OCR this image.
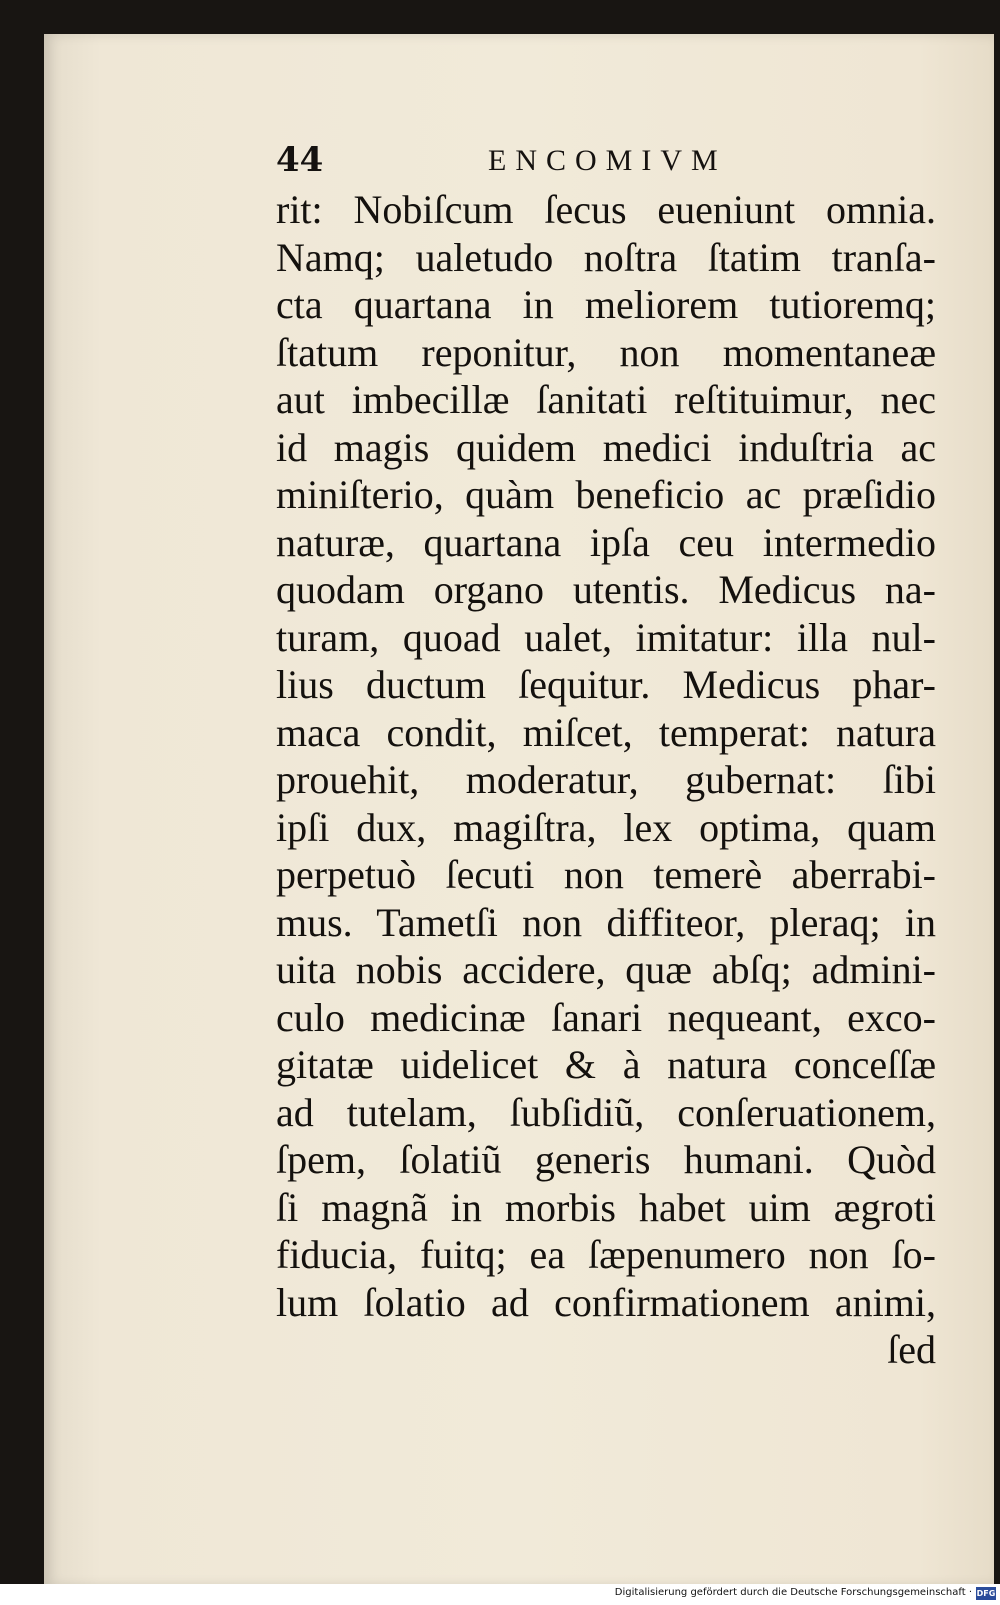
44	ENCOMIVM
rit: Nobiſcum ſecus eueniunt omnia.
Namq; ualetudo noſtra ſtatim tranſa-
cta quartana in meliorem tutioremq;
ſtatum reponitur, non momentaneæ
aut imbecillæ ſanitati reſtituimur, nec
id magis quidem medici induſtria ac
miniſterio, quàm beneficio ac præſidio
naturæ, quartana ipſa ceu intermedio
quodam organo utentis. Medicus na-
turam, quoad ualet, imitatur: illa nul-
lius ductum ſequitur. Medicus phar-
maca condit, miſcet, temperat: natura
prouehit, moderatur, gubernat: ſibi
ipſi dux, magiſtra, lex optima, quam
perpetuò ſecuti non temerè aberrabi-
mus. Tametſi non diffiteor, pleraq; in
uita nobis accidere, quæ abſq; admini-
culo medicinæ ſanari nequeant, exco-
gitatæ uidelicet & à natura conceſſæ
ad tutelam, ſubſidiũ, conſeruationem,
ſpem, ſolatiũ generis humani. Quòd
ſi magnã in morbis habet uim ægroti
fiducia, fuitq; ea ſæpenumero non ſo-
lum ſolatio ad confirmationem animi,
ſed
Digitalisierung gefördert durch die Deutsche Forschungsgemeinschaft · DFG
